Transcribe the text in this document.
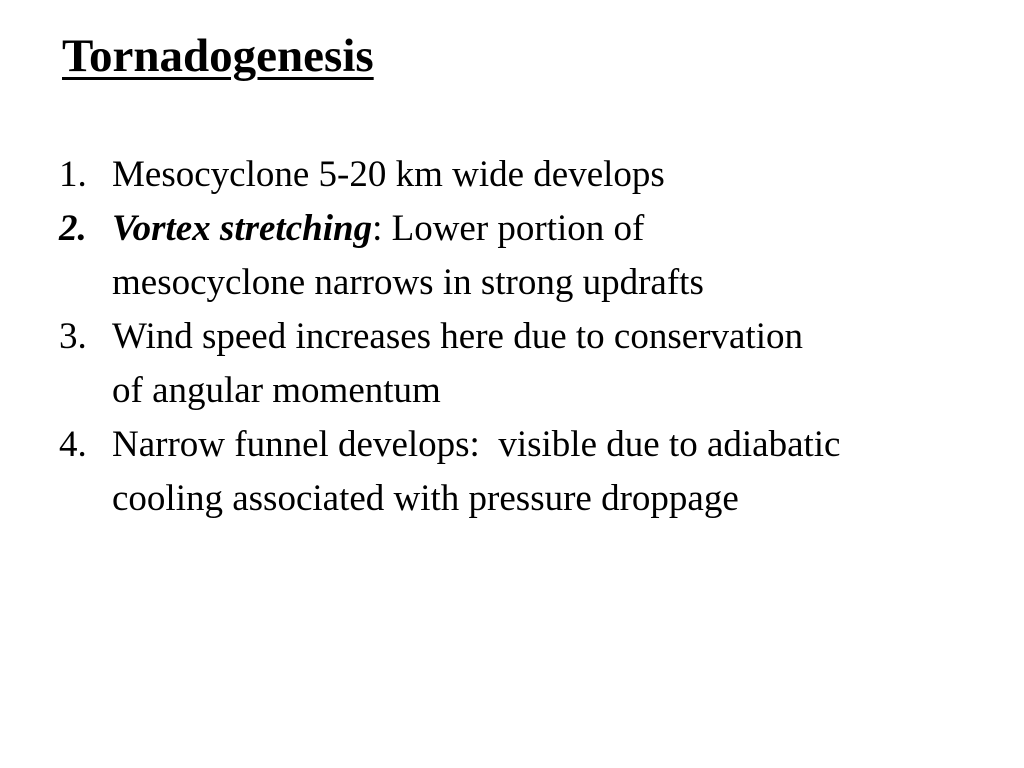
Tornadogenesis
1. Mesocyclone 5-20 km wide develops
2. Vortex stretching: Lower portion of
mesocyclone narrows in strong updrafts
3. Wind speed increases here due to conservation
of angular momentum
4. Narrow funnel develops:  visible due to adiabatic
cooling associated with pressure droppage
